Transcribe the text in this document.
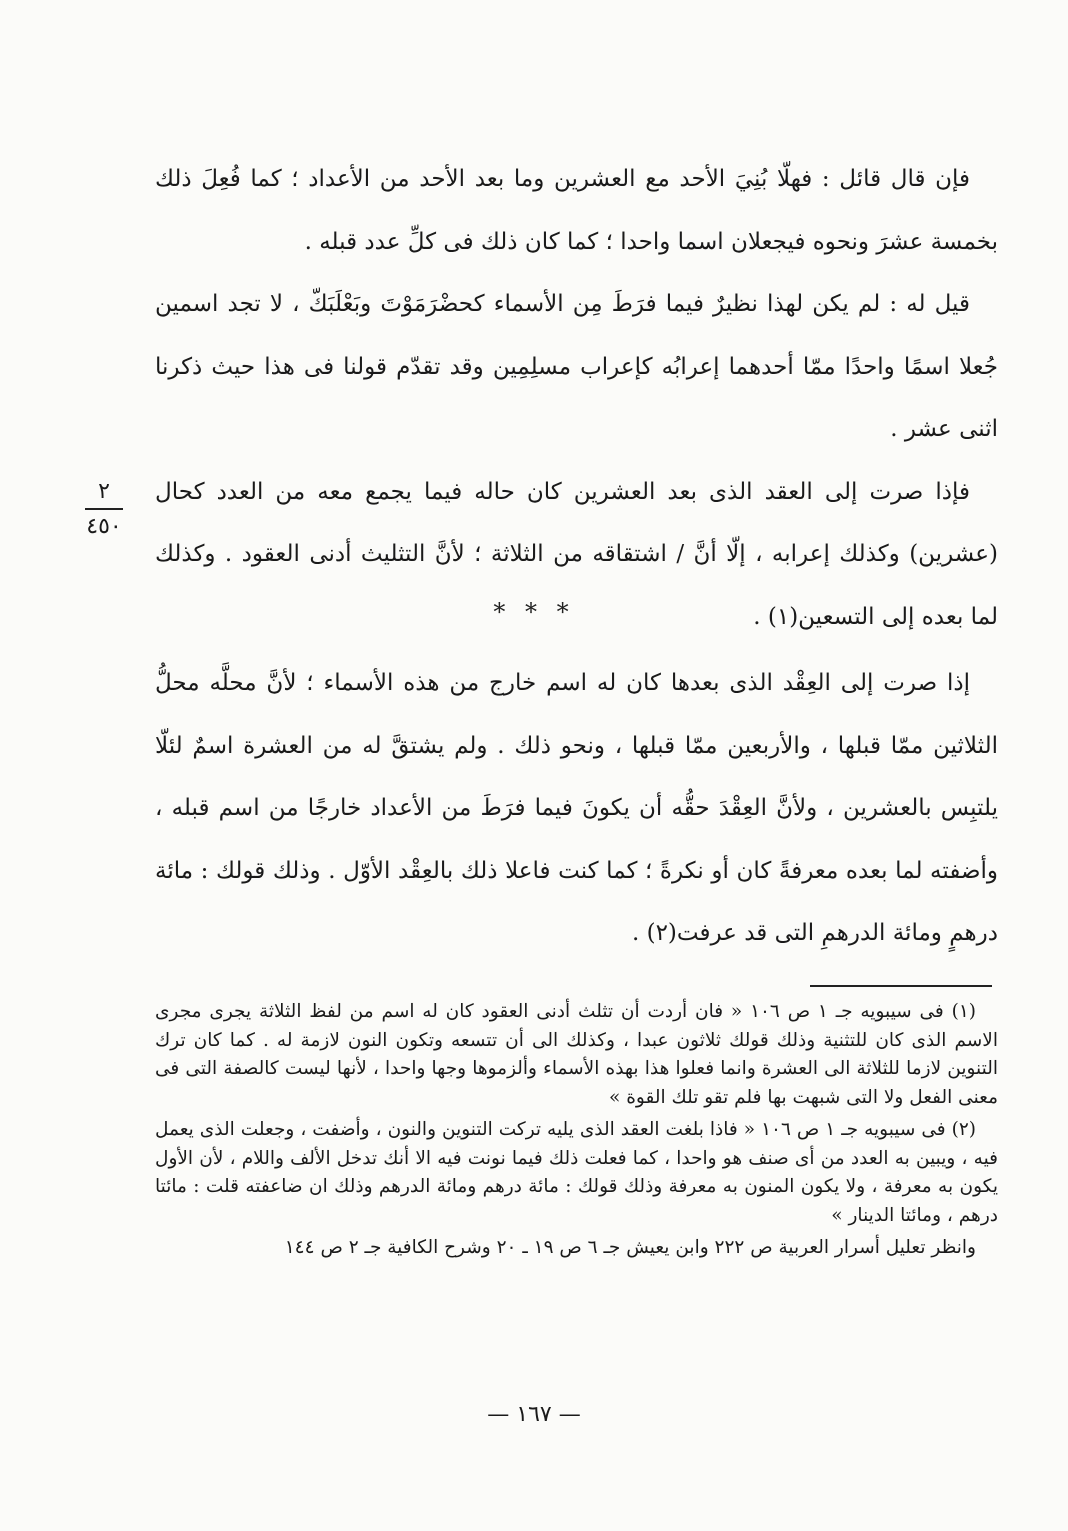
فإن قال قائل : فهلّا بُنِيَ الأحد مع العشرين وما بعد الأحد من الأعداد ؛ كما فُعِلَ ذلك بخمسة عشرَ ونحوه فيجعلان اسما واحدا ؛ كما كان ذلك فى كلِّ عدد قبله .

قيل له : لم يكن لهذا نظيرٌ فيما فرَطَ مِن الأسماء كحضْرَمَوْتَ وبَعْلَبَكّ ، لا تجد اسمين جُعلا اسمًا واحدًا ممّا أحدهما إعرابُه كإعراب مسلِمِين وقد تقدّم قولنا فى هذا حيث ذكرنا اثنى عشر .

فإذا صرت إلى العقد الذى بعد العشرين كان حاله فيما يجمع معه من العدد كحال (عشرين) وكذلك إعرابه ، إلّا أنَّ / اشتقاقه من الثلاثة ؛ لأنَّ التثليث أدنى العقود . وكذلك لما بعده إلى التسعين(١) .

٢
٤٥٠
* * *

إذا صرت إلى العِقْد الذى بعدها كان له اسم خارج من هذه الأسماء ؛ لأنَّ محلَّه محلُّ الثلاثين ممّا قبلها ، والأربعين ممّا قبلها ، ونحو ذلك . ولم يشتقَّ له من العشرة اسمٌ لئلّا يلتبِس بالعشرين ، ولأنَّ العِقْدَ حقُّه أن يكونَ فيما فرَطَ من الأعداد خارجًا من اسم قبله ، وأضفته لما بعده معرفةً كان أو نكرةً ؛ كما كنت فاعلا ذلك بالعِقْد الأوّل . وذلك قولك : مائة درهمٍ ومائة الدرهمِ التى قد عرفت(٢) .

(١) فى سيبويه جـ ١ ص ١٠٦ « فان أردت أن تثلث أدنى العقود كان له اسم من لفظ الثلاثة يجرى مجرى الاسم الذى كان للتثنية وذلك قولك ثلاثون عبدا ، وكذلك الى أن تتسعه وتكون النون لازمة له . كما كان ترك التنوين لازما للثلاثة الى العشرة وانما فعلوا هذا بهذه الأسماء وألزموها وجها واحدا ، لأنها ليست كالصفة التى فى معنى الفعل ولا التى شبهت بها فلم تقو تلك القوة »

(٢) فى سيبويه جـ ١ ص ١٠٦ « فاذا بلغت العقد الذى يليه تركت التنوين والنون ، وأضفت ، وجعلت الذى يعمل فيه ، ويبين به العدد من أى صنف هو واحدا ، كما فعلت ذلك فيما نونت فيه الا أنك تدخل الألف واللام ، لأن الأول يكون به معرفة ، ولا يكون المنون به معرفة وذلك قولك : مائة درهم ومائة الدرهم وذلك ان ضاعفته قلت : مائتا درهم ، ومائتا الدينار »

وانظر تعليل أسرار العربية ص ٢٢٢ وابن يعيش جـ ٦ ص ١٩ ـ ٢٠ وشرح الكافية جـ ٢ ص ١٤٤

— ١٦٧ —
